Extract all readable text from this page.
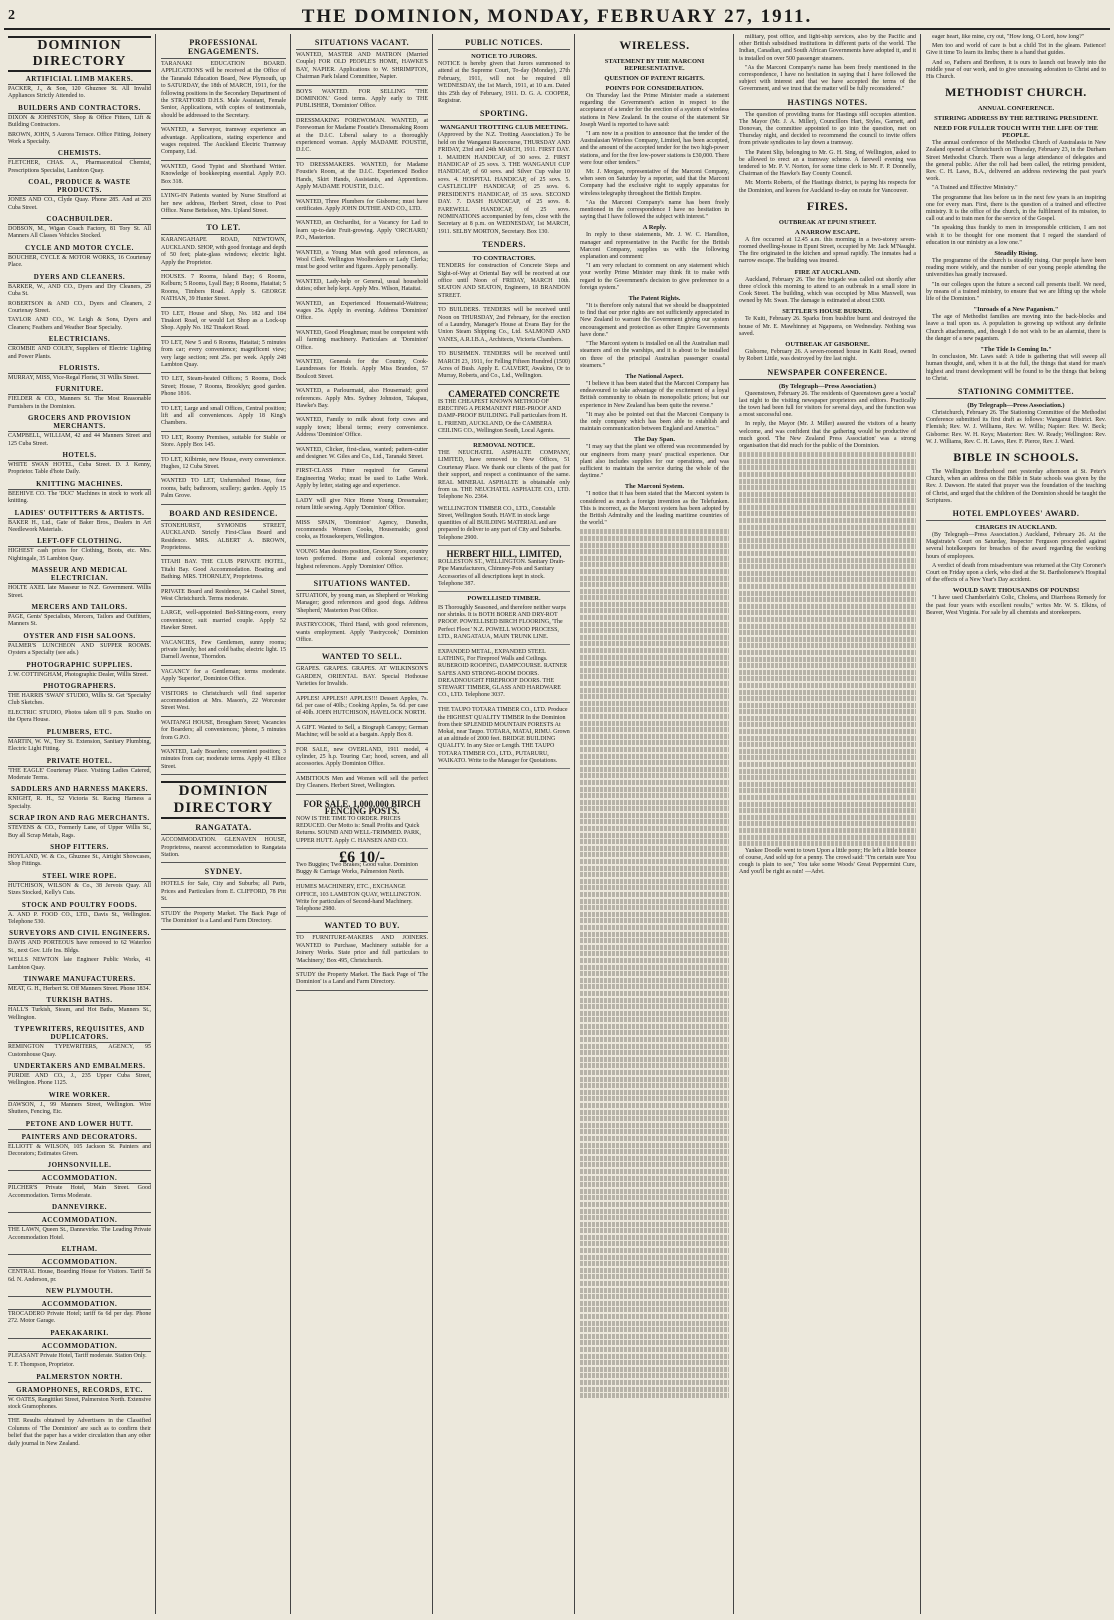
2	THE DOMINION, MONDAY, FEBRUARY 27, 1911.
DOMINION DIRECTORY
ARTIFICIAL LIMB MAKERS.
PACKER, J., & Son, 120 Ghuznee St. All Invalid Appliances Strictly Attended to.
BUILDERS AND CONTRACTORS.
DIXON & JOHNSTON, Shop & Office Fitters, Lift & Building Contractors.
BROWN, JOHN, 5 Aurora Terrace. Office Fitting, Joinery Work a Specialty.
CHEMISTS.
FLETCHER, CHAS. A., Pharmaceutical Chemist, Prescriptions Specialist, Lambton Quay.
COAL, PRODUCE & WASTE PRODUCTS.
JONES AND CO., Clyde Quay. Phone 285. And at 203 Cuba Street.
COACHBUILDER.
DOBSON, M., Wigan Coach Factory, 81 Tory St. All Manners All Classes Vehicles Stocked.
CYCLE AND MOTOR CYCLE.
BOUCHER, CYCLE & MOTOR WORKS, 16 Courtenay Place.
DYERS AND CLEANERS.
BARKER, W., AND CO., Dyers and Dry Cleaners, 29 Cuba St.
ROBERTSON & AND CO., Dyers and Cleaners, 2 Courtenay Street.
TAYLOR AND CO., W. Leigh & Sons, Dyers and Cleaners; Feathers and Weather Boar Specialty.
ELECTRICIANS.
CROMBIE AND COLEY, Suppliers of Electric Lighting and Power Plants.
FLORISTS.
MURRAY, MISS, Vice-Regal Florist, 31 Willis Street.
FURNITURE.
FIELDER & CO., Manners St. The Most Reasonable Furnishers in the Dominion.
GROCERS AND PROVISION MERCHANTS.
CAMPBELL, WILLIAM, 42 and 44 Manners Street and 125 Cuba Street.
HOTELS.
WHITE SWAN HOTEL, Cuba Street. D. J. Kenny, Proprietor. Table d'hote Daily.
KNITTING MACHINES.
BEEHIVE CO. The 'DUC' Machines in stock to work all knitting.
LADIES' OUTFITTERS & ARTISTS.
BAKER H., Ltd., Gate of Baker Bros., Dealers in Art Needlework Materials.
LEFT-OFF CLOTHING.
HIGHEST cash prices for Clothing, Boots, etc. Mrs. Nightingale, 35 Lambton Quay.
MASSEUR AND MEDICAL ELECTRICIAN.
HOLTE AXEL late Masseur to N.Z. Government. Willis Street.
MERCERS AND TAILORS.
PAGE, Gents' Specialists, Mercers, Tailors and Outfitters, Manners St.
OYSTER AND FISH SALOONS.
PALMER'S LUNCHEON AND SUPPER ROOMS. Oysters a Specialty (see ads.)
PHOTOGRAPHIC SUPPLIES.
J. W. COTTINGHAM, Photographic Dealer, Willis Street.
PHOTOGRAPHERS.
THE HARRIS 'SWAN' STUDIO, Willis St. Get 'Specialty' Club Sketches.
ELECTRIC STUDIO, Photos taken till 9 p.m. Studio on the Opera House.
PLUMBERS, ETC.
MARTIN, W. W., Tory St. Extension, Sanitary Plumbing, Electric Light Fitting.
PRIVATE HOTEL.
'THE EAGLE' Courtenay Place. Visiting Ladies Catered, Moderate Terms.
SADDLERS AND HARNESS MAKERS.
KNIGHT, R. H., 52 Victoria St. Racing Harness a Specialty.
SCRAP IRON AND RAG MERCHANTS.
STEVENS & CO., Formerly Lane, of Upper Willis St., Buy all Scrap Metals, Rags.
SHOP FITTERS.
HOYLAND, W. & Co., Ghuznee St., Airtight Showcases, Shop Fittings.
STEEL WIRE ROPE.
HUTCHISON, WILSON & Co., 38 Jervois Quay. All Sizes Stocked, Kelly's Cuts.
STOCK AND POULTRY FOODS.
A. AND P. FOOD CO., LTD., Davis St., Wellington. Telephone 530.
SURVEYORS AND CIVIL ENGINEERS.
DAVIS AND PORTEOUS have removed to 62 Waterloo St., next Gov. Life Ins. Bldgs.
WELLS NEWTON late Engineer Public Works, 41 Lambton Quay.
TINWARE MANUFACTURERS.
MEAT, G. H., Herbert St. Off Manners Street. Phone 1834.
TURKISH BATHS.
HALL'S Turkish, Steam, and Hot Baths, Manners St., Wellington.
TYPEWRITERS, REQUISITES, AND DUPLICATORS.
REMINGTON TYPEWRITERS, AGENCY, 95 Customhouse Quay.
UNDERTAKERS AND EMBALMERS.
PURDIE AND CO., J., 235 Upper Cuba Street, Wellington. Phone 1125.
WIRE WORKER.
DAWSON, J., 99 Manners Street, Wellington. Wire Shutters, Fencing, Etc.
PETONE AND LOWER HUTT.
PAINTERS AND DECORATORS.
ELLIOTT & WILSON, 105 Jackson St. Painters and Decorators; Estimates Given.
JOHNSONVILLE.
ACCOMMODATION.
PILCHER'S Private Hotel, Main Street. Good Accommodation. Terms Moderate.
DANNEVIRKE.
ACCOMMODATION.
THE LAWN, Queen St., Dannevirke. The Leading Private Accommodation Hotel.
ELTHAM.
ACCOMMODATION.
CENTRAL House, Boarding House for Visitors. Tariff 5s 6d. N. Anderson, pr.
NEW PLYMOUTH.
ACCOMMODATION.
TROCADERO Private Hotel; tariff 6s 6d per day. Phone 272. Motor Garage.
PAEKAKARIKI.
ACCOMMODATION.
PLEASANT Private Hotel, Tariff moderate. Station Only.
T. F. Thompson, Proprietor.
PALMERSTON NORTH.
GRAMOPHONES, RECORDS, ETC.
W. OATES, Rangitikei Street, Palmerston North. Extensive stock Gramophones.
THE Results obtained by Advertisers in the Classified Columns of 'The Dominion' are such as to confirm their belief that the paper has a wider circulation than any other daily journal in New Zealand.
PROFESSIONAL ENGAGEMENTS.
TARANAKI EDUCATION BOARD. APPLICATIONS will be received at the Office of the Taranaki Education Board, New Plymouth, up to SATURDAY, the 18th of MARCH, 1911, for the following positions in the Secondary Department of the STRATFORD D.H.S. Male Assistant, Female Senior, Applications, with copies of testimonials, should be addressed to the Secretary.
WANTED, a Surveyor, tramway experience an advantage. Applications, stating experience and wages required. The Auckland Electric Tramway Company, Ltd.
WANTED, Good Typist and Shorthand Writer. Knowledge of bookkeeping essential. Apply P.O. Box 318.
LYING-IN Patients wanted by Nurse Strafford at her new address, Herbert Street, close to Post Office. Nurse Bettelson, Mrs. Upland Street.
TO LET.
KARANGAHAPE ROAD, NEWTOWN, AUCKLAND. SHOP, with good frontage and depth of 50 feet; plate-glass windows; electric light. Apply the Proprietor.
HOUSES. 7 Rooms, Island Bay; 6 Rooms, Kelburn; 5 Rooms, Lyall Bay; 8 Rooms, Hataitai; 5 Rooms, Timbers Road. Apply S. GEORGE NATHAN, 39 Hunter Street.
TO LET, House and Shop, No. 182 and 184 Tinakori Road, or would Let Shop as a Lock-up Shop. Apply No. 182 Tinakori Road.
TO LET, New 5 and 6 Rooms, Hataitai; 5 minutes from car; every convenience; magnificent view; very large section; rent 25s. per week. Apply 248 Lambton Quay.
TO LET, Steam-heated Offices; 5 Rooms, Dock Street; House, 7 Rooms, Brooklyn; good garden. Phone 1816.
TO LET, Large and small Offices, Central position; lift and all conveniences. Apply 18 King's Chambers.
TO LET, Roomy Premises, suitable for Stable or Store. Apply Box 145.
TO LET, Kilbirnie, new House, every convenience. Hughes, 12 Cuba Street.
WANTED TO LET, Unfurnished House, four rooms, bath; bathroom, scullery; garden. Apply 15 Palm Grove.
BOARD AND RESIDENCE.
STONEHURST, SYMONDS STREET, AUCKLAND. Strictly First-Class Board and Residence. MRS. ALBERT A. BROWN, Proprietress.
TITAHI BAY. THE CLUB PRIVATE HOTEL, Titahi Bay. Good Accommodation. Boating and Bathing. MRS. THORNLEY, Proprietress.
PRIVATE Board and Residence, 34 Cashel Street, West Christchurch. Terms moderate.
LARGE, well-appointed Bed-Sitting-room, every convenience; suit married couple. Apply 52 Hawker Street.
VACANCIES, Few Gentlemen, sunny rooms; private family; hot and cold baths; electric light. 15 Darnell Avenue, Thorndon.
VACANCY for a Gentleman; terms moderate. Apply 'Superior', Dominion Office.
VISITORS to Christchurch will find superior accommodation at Mrs. Mason's, 22 Worcester Street West.
WAITANGI HOUSE, Brougham Street; Vacancies for Boarders; all conveniences; 'phone, 5 minutes from G.P.O.
WANTED, Lady Boarders; convenient position; 3 minutes from car; moderate terms. Apply 41 Ellice Street.
DOMINION DIRECTORY
RANGATATA.
ACCOMMODATION. GLENAVEN HOUSE, Proprietress, nearest accommodation to Rangatata Station.
SYDNEY.
HOTELS for Sale, City and Suburbs; all Parts, Prices and Particulars from E. CLIFFORD, 78 Pitt St.
STUDY the Property Market. The Back Page of 'The Dominion' is a Land and Farm Directory.
SITUATIONS VACANT.
WANTED, MASTER AND MATRON (Married Couple) FOR OLD PEOPLE'S HOME, HAWKE'S BAY, NAPIER. Applications to W. SHRIMPTON, Chairman Park Island Committee, Napier.
BOYS WANTED. FOR SELLING 'THE DOMINION.' Good terms. Apply early to THE PUBLISHER, 'Dominion' Office.
DRESSMAKING FOREWOMAN. WANTED, at Forewoman for Madame Foustie's Dressmaking Room at the D.I.C. Liberal salary to a thoroughly experienced woman. Apply MADAME FOUSTIE, D.I.C.
TO DRESSMAKERS. WANTED, for Madame Foustie's Room, at the D.I.C. Experienced Bodice Hands, Skirt Hands, Assistants, and Apprentices. Apply MADAME FOUSTIE, D.I.C.
WANTED, Three Plumbers for Gisborne; must have certificates. Apply JOHN DUTHIE AND CO., LTD.
WANTED, an Orchardist, for a Vacancy for Lad to learn up-to-date Fruit-growing. Apply 'ORCHARD,' P.O., Masterton.
WANTED, a Young Man with good references, as Wool Clerk. Wellington Woolbrokers or Lady Clerks; must be good writer and figures. Apply personally.
WANTED, Lady-help or General, usual household duties; other help kept. Apply Mrs. Wilson, Hataitai.
WANTED, an Experienced Housemaid-Waitress; wages 25s. Apply in evening. Address 'Dominion' Office.
WANTED, Good Ploughman; must be competent with all farming machinery. Particulars at 'Dominion' Office.
WANTED, Generals for the Country, Cook-Laundresses for Hotels. Apply Miss Brandon, 57 Boulcott Street.
WANTED, a Parlourmaid, also Housemaid; good references. Apply Mrs. Sydney Johnston, Takapau, Hawke's Bay.
WANTED, Family to milk about forty cows and supply town; liberal terms; every convenience. Address 'Dominion' Office.
WANTED, Clicker, first-class, wanted; pattern-cutter and designer. W. Giles and Co., Ltd., Taranaki Street.
FIRST-CLASS Fitter required for General Engineering Works; must be used to Lathe Work. Apply by letter, stating age and experience.
LADY will give Nice Home Young Dressmaker; return little sewing. Apply 'Dominion' Office.
MISS SPAIN, 'Dominion' Agency, Dunedin, recommends Women Cooks, Housemaids; good cooks, as Housekeepers, Wellington.
VOUNG Man desires position, Grocery Store, country town preferred. Home and colonial experience; highest references. Apply 'Dominion' Office.
SITUATIONS WANTED.
SITUATION, by young man, as Shepherd or Working Manager; good references and good dogs. Address 'Shepherd,' Masterton Post Office.
PASTRYCOOK, Third Hand, with good references, wants employment. Apply 'Pastrycook,' Dominion Office.
WANTED TO SELL.
GRAPES. GRAPES. GRAPES. AT WILKINSON'S GARDEN, ORIENTAL BAY. Special Hothouse Varieties for Invalids.
APPLES! APPLES!! APPLES!!! Dessert Apples, 7s. 6d. per case of 40lb.; Cooking Apples, 5s. 6d. per case of 40lb. JOHN HUTCHISON, HAVELOCK NORTH.
A GIFT. Wanted to Sell, a Biograph Canopy; German Machine; will be sold at a bargain. Apply Box 8.
FOR SALE, new OVERLAND, 1911 model, 4 cylinder, 25 h.p. Touring Car; hood, screen, and all accessories. Apply Dominion Office.
AMBITIOUS Men and Women will sell the perfect Dry Cleaners. Herbert Street, Wellington.
FOR SALE. 1,000,000 BIRCH FENCING POSTS.
NOW IS THE TIME TO ORDER. PRICES REDUCED. Our Motto is: Small Profits and Quick Returns. SOUND AND WELL-TRIMMED. PARK, UPPER HUTT. Apply C. HANSEN AND CO.
£6 10/-
Two Buggies; Two Brakes; Good value. Dominion Buggy & Carriage Works, Palmerston North.
HUMES MACHINERY, ETC., EXCHANGE OFFICE, 103 LAMBTON QUAY, WELLINGTON. Write for particulars of Second-hand Machinery. Telephone 2980.
WANTED TO BUY.
TO FURNITURE-MAKERS AND JOINERS. WANTED to Purchase, Machinery suitable for a Joinery Works. State price and full particulars to 'Machinery,' Box 495, Christchurch.
STUDY the Property Market. The Back Page of 'The Dominion' is a Land and Farm Directory.
PUBLIC NOTICES.
NOTICE TO JURORS.
NOTICE is hereby given that Jurors summoned to attend at the Supreme Court, To-day (Monday), 27th February, 1911, will not be required till WEDNESDAY, the 1st March, 1911, at 10 a.m. Dated this 25th day of February, 1911. D. G. A. COOPER, Registrar.
SPORTING.
WANGANUI TROTTING CLUB MEETING.
(Approved by the N.Z. Trotting Association.) To be held on the Wanganui Racecourse, THURSDAY AND FRIDAY, 23rd and 24th MARCH, 1911. FIRST DAY. 1. MAIDEN HANDICAP, of 30 sovs. 2. FIRST HANDICAP of 25 sovs. 3. THE WANGANUI CUP HANDICAP, of 60 sovs. and Silver Cup value 10 sovs. 4. HOSPITAL HANDICAP, of 25 sovs. 5. CASTLECLIFF HANDICAP, of 25 sovs. 6. PRESIDENT'S HANDICAP, of 35 sovs. SECOND DAY. 7. DASH HANDICAP, of 25 sovs. 8. FAREWELL HANDICAP, of 25 sovs. NOMINATIONS accompanied by fees, close with the Secretary at 8 p.m. on WEDNESDAY, 1st MARCH, 1911. SELBY MORTON, Secretary. Box 130.
TENDERS.
TO CONTRACTORS.
TENDERS for construction of Concrete Steps and Sight-of-Way at Oriental Bay will be received at our office until Noon of FRIDAY, MARCH 10th. SEATON AND SEATON, Engineers, 18 BRANDON STREET.
TO BUILDERS. TENDERS will be received until Noon on THURSDAY, 2nd February, for the erection of a Laundry, Manager's House at Evans Bay for the Union Steam Shipping Co., Ltd. SALMOND AND VANES, A.R.I.B.A., Architects, Victoria Chambers.
TO BUSHMEN. TENDERS will be received until MARCH 23, 1911, for Felling Fifteen Hundred (1500) Acres of Bush. Apply E. CALVERT, Awakino, Or to Murray, Roberts, and Co., Ltd., Wellington.
CAMERATED CONCRETE
IS THE CHEAPEST KNOWN METHOD OF ERECTING A PERMANENT FIRE-PROOF AND DAMP-PROOF BUILDING. Full particulars from H. L. FRIEND, AUCKLAND, Or the CAMBERA CEILING CO., Wellington South, Local Agents.
REMOVAL NOTICE.
THE NEUCHATEL ASPHALTE COMPANY, LIMITED, have removed to New Offices, 51 Courtenay Place. We thank our clients of the past for their support, and respect a continuance of the same. REAL MINERAL ASPHALTE is obtainable only from us. THE NEUCHATEL ASPHALTE CO., LTD. Telephone No. 2364.
WELLINGTON TIMBER CO., LTD., Constable Street, Wellington South. HAVE in stock large quantities of all BUILDING MATERIAL and are prepared to deliver to any part of City and Suburbs. Telephone 2900.
HERBERT HILL, LIMITED,
ROLLESTON ST., WELLINGTON. Sanitary Drain-Pipe Manufacturers, Chimney-Pots and Sanitary Accessories of all descriptions kept in stock. Telephone 387.
POWELLISED TIMBER.
IS Thoroughly Seasoned, and therefore neither warps nor shrinks. It is BOTH BORER AND DRY-ROT PROOF. POWELLISED BIRCH FLOORING, 'The Perfect Floor.' N.Z. POWELL WOOD PROCESS, LTD., RANGATAUA, MAIN TRUNK LINE.
EXPANDED METAL, EXPANDED STEEL LATHING, For Fireproof Walls and Ceilings. RUBEROID ROOFING, DAMPCOURSE. RATNER SAFES AND STRONG-ROOM DOORS. DREADNOUGHT FIREPROOF DOORS. THE STEWART TIMBER, GLASS AND HARDWARE CO., LTD. Telephone 3037.
THE TAUPO TOTARA TIMBER CO., LTD. Produce the HIGHEST QUALITY TIMBER In the Dominion from their SPLENDID MOUNTAIN FORESTS At Mokai, near Taupo. TOTARA, MATAI, RIMU. Grown at an altitude of 2000 feet. BRIDGE BUILDING QUALITY. In any Size or Length. THE TAUPO TOTARA TIMBER CO., LTD., PUTARURU, WAIKATO. Write to the Manager for Quotations.
WIRELESS.
STATEMENT BY THE MARCONI REPRESENTATIVE.
QUESTION OF PATENT RIGHTS.
POINTS FOR CONSIDERATION.

On Thursday last the Prime Minister made a statement regarding the Government's action in respect to the acceptance of a tender for the erection of a system of wireless stations in New Zealand. In the course of the statement Sir Joseph Ward is reported to have said:

"I am now in a position to announce that the tender of the Australasian Wireless Company, Limited, has been accepted, and the amount of the accepted tender for the two high-power stations, and for the five low-power stations is £30,000. There were four other tenders."

Mr. J. Morgan, representative of the Marconi Company, when seen on Saturday by a reporter, said that the Marconi Company had the exclusive right to supply apparatus for wireless telegraphy throughout the British Empire.

"As the Marconi Company's name has been freely mentioned in the correspondence I have no hesitation in saying that I have followed the subject with interest."

A Reply.

In reply to these statements, Mr. J. W. C. Hamilton, manager and representative in the Pacific for the British Marconi Company, supplies us with the following explanation and comment:

"I am very reluctant to comment on any statement which your worthy Prime Minister may think fit to make with regard to the Government's decision to give preference to a foreign system."

The Patent Rights.

"It is therefore only natural that we should be disappointed to find that our prior rights are not sufficiently appreciated in New Zealand to warrant the Government giving our system encouragement and protection as other Empire Governments have done."

"The Marconi system is installed on all the Australian mail steamers and on the warships, and it is about to be installed on three of the principal Australian passenger coastal steamers."

The National Aspect.

"I believe it has been stated that the Marconi Company has endeavoured to take advantage of the excitement of a loyal British community to obtain its monopolistic prices; but our experience in New Zealand has been quite the reverse."

"It may also be pointed out that the Marconi Company is the only company which has been able to establish and maintain communication between England and America."

The Day Span.

"I may say that the plant we offered was recommended by our engineers from many years' practical experience. Our plant also includes supplies for our operations, and was sufficient to maintain the service during the whole of the daytime."

The Marconi System.

"I notice that it has been stated that the Marconi system is considered as much a foreign invention as the Telefunken. This is incorrect, as the Marconi system has been adopted by the British Admiralty and the leading maritime countries of the world."

military, post office, and light-ship services, also by the Pacific and other British subsidised institutions in different parts of the world. The Indian, Canadian, and South African Governments have adopted it, and it is installed on over 500 passenger steamers.

"As the Marconi Company's name has been freely mentioned in the correspondence, I have no hesitation in saying that I have followed the subject with interest and that we have accepted the terms of the Government, and we trust that the matter will be fully reconsidered."

HASTINGS NOTES.

The question of providing trams for Hastings still occupies attention. The Mayor (Mr. J. A. Miller), Councillors Hart, Styles, Garnett, and Donovan, the committee appointed to go into the question, met on Thursday night, and decided to recommend the council to invite offers from private syndicates to lay down a tramway.

The Patent Slip, belonging to Mr. G. H. Sing, of Wellington, asked to be allowed to erect an a tramway scheme. A farewell evening was tendered to Mr. P. V. Norton, for some time clerk to Mr. F. P. Donnelly, Chairman of the Hawke's Bay County Council.

Mr. Morris Roberts, of the Hastings district, is paying his respects for the Dominion, and leaves for Auckland to-day on route for Vancouver.

FIRES.
OUTBREAK AT EPUNI STREET.
A NARROW ESCAPE.

A fire occurred at 12.45 a.m. this morning in a two-storey seven-roomed dwelling-house in Epuni Street, occupied by Mr. Jack M'Naught. The fire originated in the kitchen and spread rapidly. The inmates had a narrow escape. The building was insured.

FIRE AT AUCKLAND.

Auckland, February 26. The fire brigade was called out shortly after three o'clock this morning to attend to an outbreak in a small store in Cook Street. The building, which was occupied by Miss Maxwell, was owned by Mr. Swan. The damage is estimated at about £300.

SETTLER'S HOUSE BURNED.
Te Kuiti, February 26. Sparks from bushfire burnt and destroyed the house of Mr. E. Mawhinney at Ngapuera, on Wednesday. Nothing was saved.
OUTBREAK AT GISBORNE.
Gisborne, February 26. A seven-roomed house in Kaiti Road, owned by Robert Little, was destroyed by fire last night.
NEWSPAPER CONFERENCE.
(By Telegraph—Press Association.)

Queenstown, February 26. The residents of Queenstown gave a 'social' last night to the visiting newspaper proprietors and editors. Practically the town had been full for visitors for several days, and the function was a most successful one.

In reply, the Mayor (Mr. J. Miller) assured the visitors of a hearty welcome, and was confident that the gathering would be productive of much good. 'The New Zealand Press Association' was a strong organisation that did much for the public of the Dominion.

Yankee Doodle went to town Upon a little pony; He left a little bounce of course, And sold up for a penny. The crowd said: "I'm certain sure You cough is plain to see," You take some Woods' Great Peppermint Cure, And you'll be right as rain! —Advt.

eager heart, like mine, cry out, "How long, O Lord, how long?"

Men too and world of care is but a child Tot in the gleam. Patience! Give it time To learn its limbs; there is a hand that guides.

And so, Fathers and Brethren, it is ours to launch out bravely into the middle year of our work, and to give unceasing adoration to Christ and to His Church.

METHODIST CHURCH.
ANNUAL CONFERENCE.
STIRRING ADDRESS BY THE RETIRING PRESIDENT.
NEED FOR FULLER TOUCH WITH THE LIFE OF THE PEOPLE.

The annual conference of the Methodist Church of Australasia in New Zealand opened at Christchurch on Thursday, February 23, in the Durham Street Methodist Church. There was a large attendance of delegates and the general public. After the roll had been called, the retiring president, Rev. C. H. Laws, B.A., delivered an address reviewing the past year's work.

"A Trained and Effective Ministry."

The programme that lies before us in the next few years is an inspiring one for every man. First, there is the question of a trained and effective ministry. It is the office of the church, in the fulfilment of its mission, to call out and to train men for the service of the Gospel.

"In speaking thus frankly to men in irresponsible criticism, I am not wish it to be thought for one moment that I regard the standard of education in our ministry as a low one."

Steadily Rising.

The programme of the church is steadily rising. Our people have been reading more widely, and the number of our young people attending the universities has greatly increased.

"In our colleges upon the future a second call presents itself. We need, by means of a trained ministry, to ensure that we are lifting up the whole life of the Dominion."

"Inroads of a New Paganism."

The age of Methodist families are moving into the back-blocks and leave a trail upon us. A population is growing up without any definite Church attachments, and, though I do not wish to be an alarmist, there is the danger of a new paganism.

"The Tide Is Coming In."

In conclusion, Mr. Laws said: A tide is gathering that will sweep all human thought, and, when it is at the full, the things that stand for man's highest and truest development will be found to be the things that belong to Christ.

STATIONING COMMITTEE.
(By Telegraph—Press Association.)
Christchurch, February 26. The Stationing Committee of the Methodist Conference submitted its first draft as follows: Wanganui District. Rev. Flemish; Rev. W. J. Williams, Rev. W. Willis; Napier: Rev. W. Beck; Gisborne: Rev. W. H. Keys; Masterton: Rev. W. Ready; Wellington: Rev. W. J. Williams, Rev. C. H. Laws, Rev. F. Pierce, Rev. J. Ward.
BIBLE IN SCHOOLS.
The Wellington Brotherhood met yesterday afternoon at St. Peter's Church, when an address on the Bible in State schools was given by the Rev. J. Dawson. He stated that prayer was the foundation of the teaching of Christ, and urged that the children of the Dominion should be taught the Scriptures.
HOTEL EMPLOYEES' AWARD.
CHARGES IN AUCKLAND.
(By Telegraph—Press Association.) Auckland, February 26. At the Magistrate's Court on Saturday, Inspector Ferguson proceeded against several hotelkeepers for breaches of the award regarding the working hours of employees.
A verdict of death from misadventure was returned at the City Coroner's Court on Friday upon a clerk, who died at the St. Bartholomew's Hospital of the effects of a New Year's Day accident.
WOULD SAVE THOUSANDS OF POUNDS!
"I have used Chamberlain's Colic, Cholera, and Diarrhoea Remedy for the past four years with excellent results," writes Mr. W. S. Elkins, of Beaver, West Virginia. For sale by all chemists and storekeepers.
